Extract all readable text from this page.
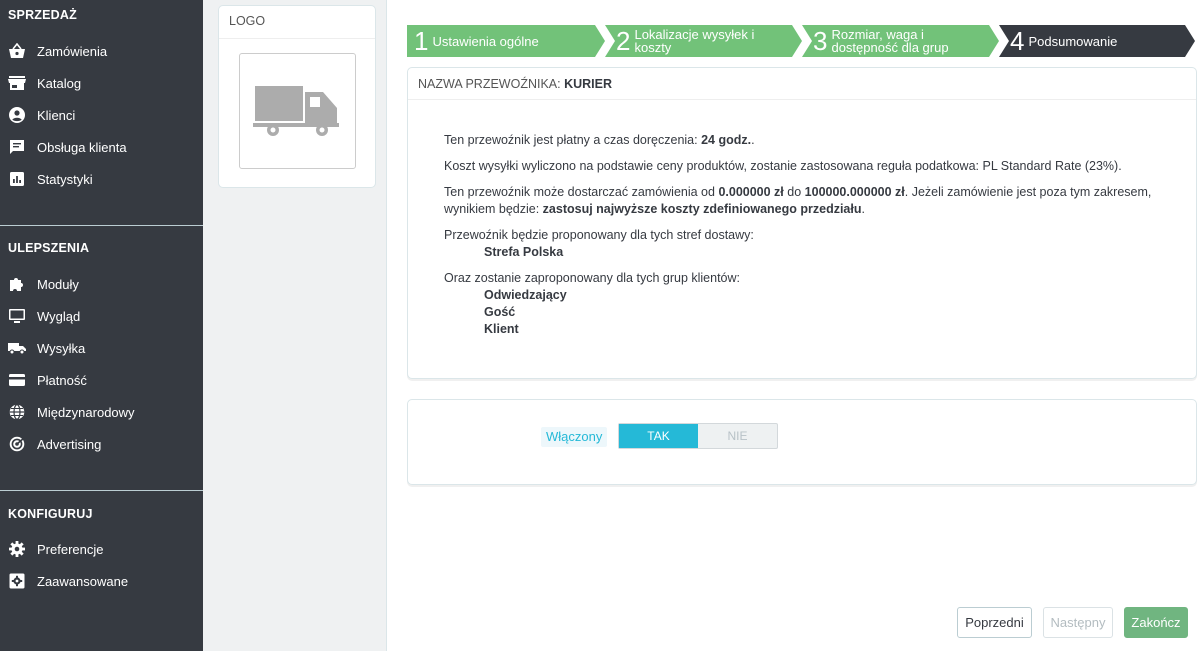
SPRZEDAŻ
Zamówienia
Katalog
Klienci
Obsługa klienta
Statystyki
ULEPSZENIA
Moduły
Wygląd
Wysyłka
Płatność
Międzynarodowy
Advertising
KONFIGURUJ
Preferencje
Zaawansowane
LOGO
1 Ustawienia ogólne	2 Lokalizacje wysyłek i
koszty	3 Rozmiar, waga i
dostępność dla grup 4 Podsumowanie
NAZWA PRZEWOŹNIKA: KURIER

Ten przewoźnik jest płatny a czas doręczenia: 24 godz..

Koszt wysyłki wyliczono na podstawie ceny produktów, zostanie zastosowana reguła podatkowa: PL Standard Rate (23%).

Ten przewoźnik może dostarczać zamówienia od 0.000000 zł do 100000.000000 zł. Jeżeli zamówienie jest poza tym zakresem, wynikiem będzie: zastosuj najwyższe koszty zdefiniowanego przedziału.

Przewoźnik będzie proponowany dla tych stref dostawy:
Strefa Polska
Oraz zostanie zaproponowany dla tych grup klientów:
Odwiedzający
Gość
Klient
Włączony	TAK	NIE
Poprzedni	Następny	Zakończ
